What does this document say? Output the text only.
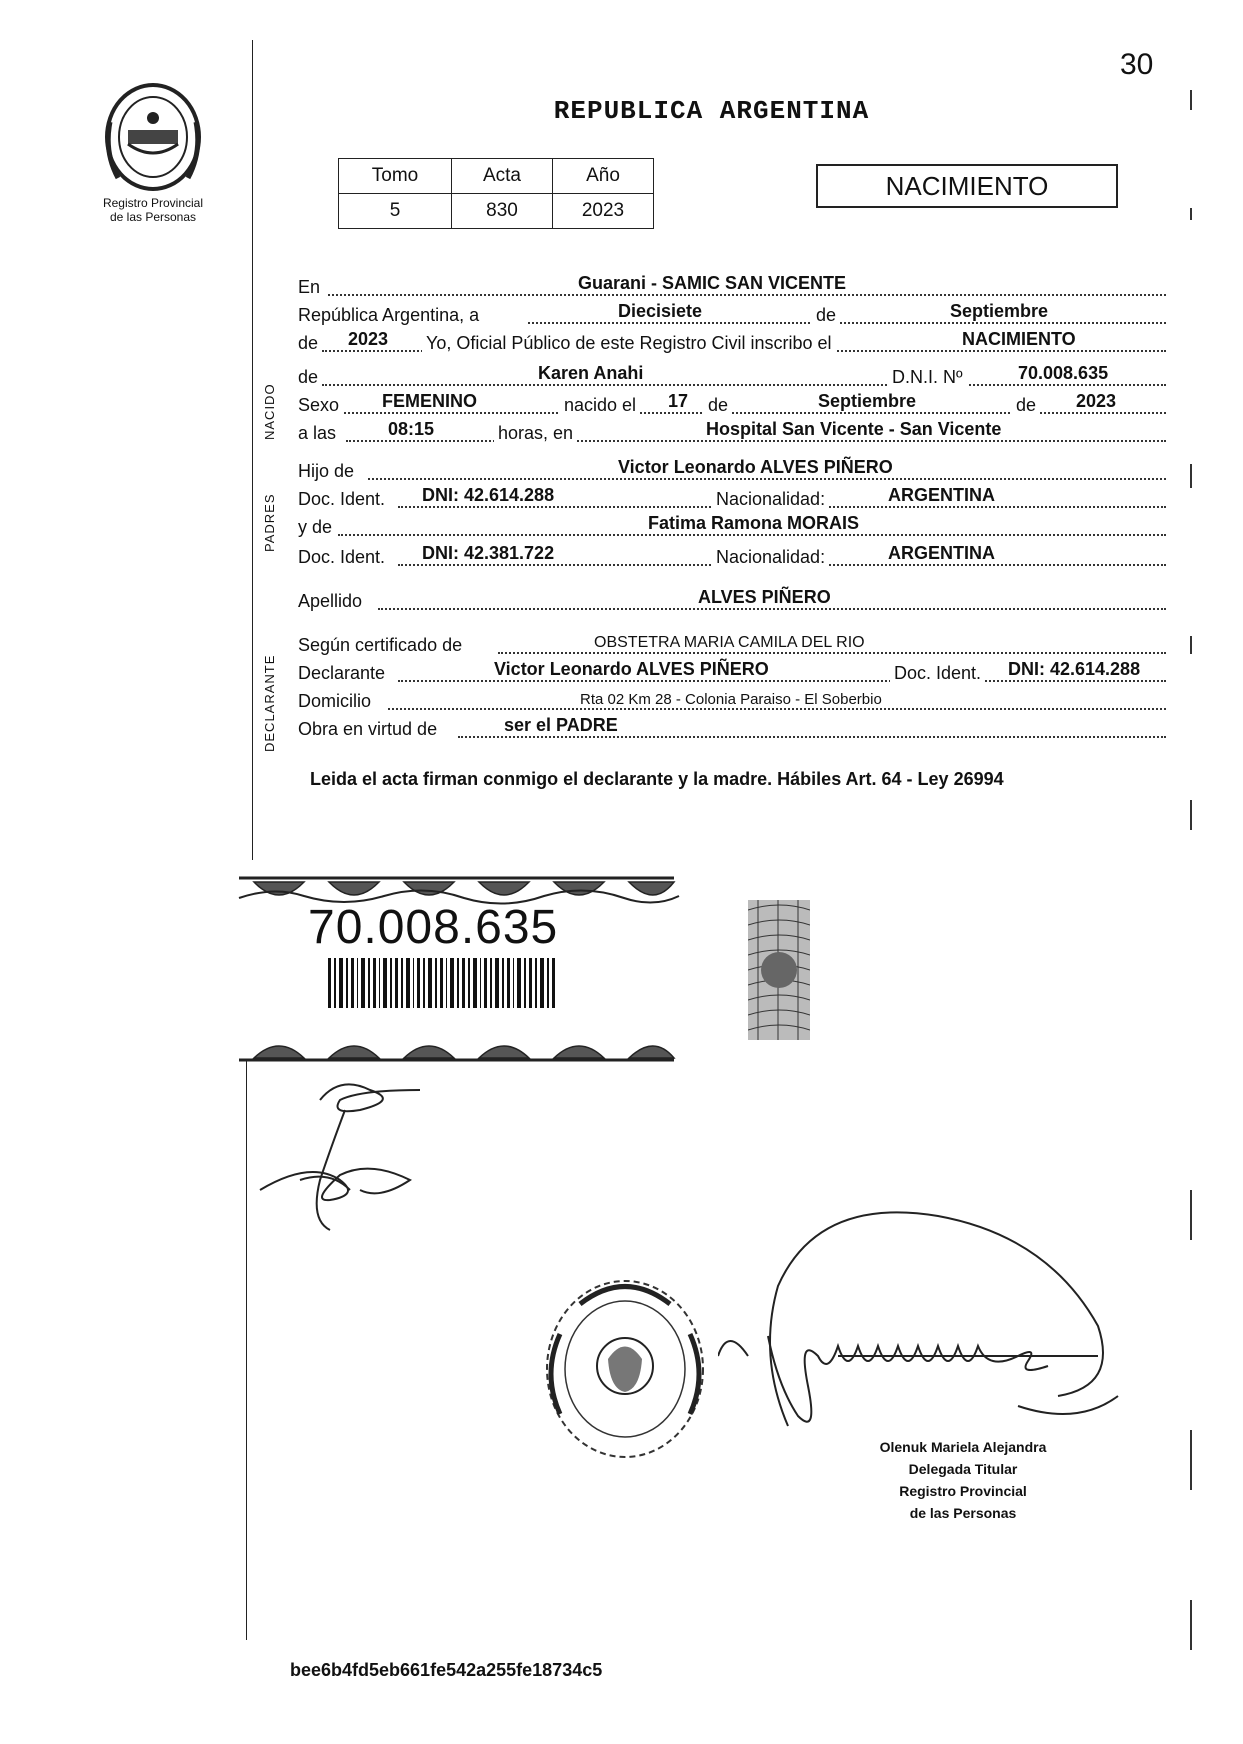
30
Registro Provincial
de las Personas
REPUBLICA ARGENTINA
Tomo	Acta	Año
5	830	2023
NACIMIENTO
NACIDO
PADRES
DECLARANTE
En	Guarani - SAMIC SAN VICENTE
República Argentina, a	Diecisiete	de	Septiembre
de 2023 Yo, Oficial Público de este Registro Civil inscribo el	NACIMIENTO
de	Karen Anahi	D.N.I. Nº	70.008.635
Sexo FEMENINO	nacido el 17 de	Septiembre	de 2023
a las	08:15	horas, en	Hospital San Vicente - San Vicente
Hijo de	Victor Leonardo ALVES PIÑERO
Doc. Ident. DNI: 42.614.288	Nacionalidad:	ARGENTINA
y de	Fatima Ramona MORAIS
Doc. Ident. DNI: 42.381.722	Nacionalidad:	ARGENTINA
Apellido	ALVES PIÑERO
Según certificado de	OBSTETRA MARIA CAMILA DEL RIO
Declarante	Victor Leonardo ALVES PIÑERO	Doc. Ident. DNI: 42.614.288
Domicilio	Rta 02 Km 28 - Colonia Paraiso - El Soberbio
Obra en virtud de	ser el PADRE
Leida el acta firman conmigo el declarante y la madre. Hábiles Art. 64 - Ley 26994
70.008.635
Olenuk Mariela Alejandra
Delegada Titular
Registro Provincial
de las Personas
bee6b4fd5eb661fe542a255fe18734c5
